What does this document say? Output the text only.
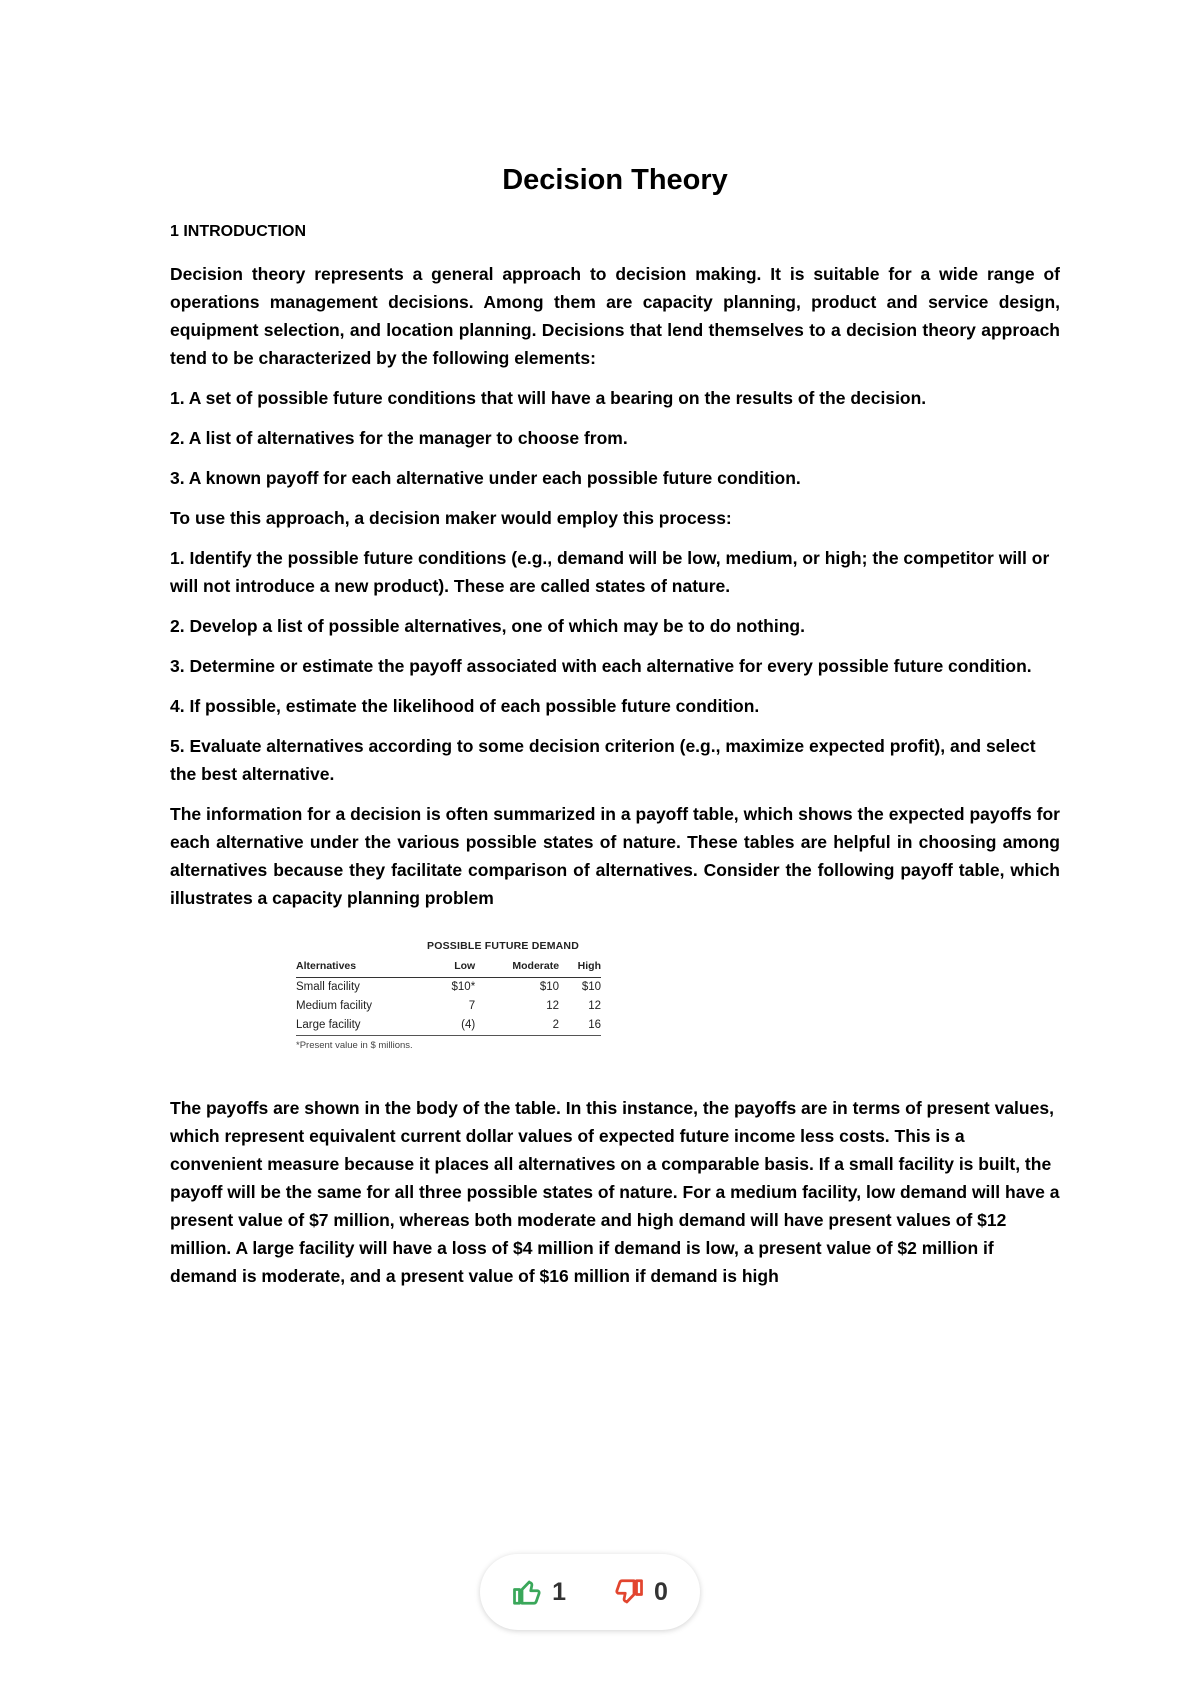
Decision Theory
1 INTRODUCTION

Decision theory represents a general approach to decision making. It is suitable for a wide range of operations management decisions. Among them are capacity planning, product and service design, equipment selection, and location planning. Decisions that lend themselves to a decision theory approach tend to be characterized by the following elements:

1. A set of possible future conditions that will have a bearing on the results of the decision.
2. A list of alternatives for the manager to choose from.
3. A known payoff for each alternative under each possible future condition.
To use this approach, a decision maker would employ this process:
1. Identify the possible future conditions (e.g., demand will be low, medium, or high; the competitor will or will not introduce a new product). These are called states of nature.
2. Develop a list of possible alternatives, one of which may be to do nothing.
3. Determine or estimate the payoff associated with each alternative for every possible future condition.
4. If possible, estimate the likelihood of each possible future condition.
5. Evaluate alternatives according to some decision criterion (e.g., maximize expected profit), and select the best alternative.

The information for a decision is often summarized in a payoff table, which shows the expected payoffs for each alternative under the various possible states of nature. These tables are helpful in choosing among alternatives because they facilitate comparison of alternatives. Consider the following payoff table, which illustrates a capacity planning problem

POSSIBLE FUTURE DEMAND
Alternatives	Low	Moderate	High
Small facility	$10*	$10	$10
Medium facility	7	12	12
Large facility	(4)	2	16
*Present value in $ millions.

The payoffs are shown in the body of the table. In this instance, the payoffs are in terms of present values, which represent equivalent current dollar values of expected future income less costs. This is a convenient measure because it places all alternatives on a comparable basis. If a small facility is built, the payoff will be the same for all three possible states of nature. For a medium facility, low demand will have a present value of $7 million, whereas both moderate and high demand will have present values of $12 million. A large facility will have a loss of $4 million if demand is low, a present value of $2 million if demand is moderate, and a present value of $16 million if demand is high

1	0
